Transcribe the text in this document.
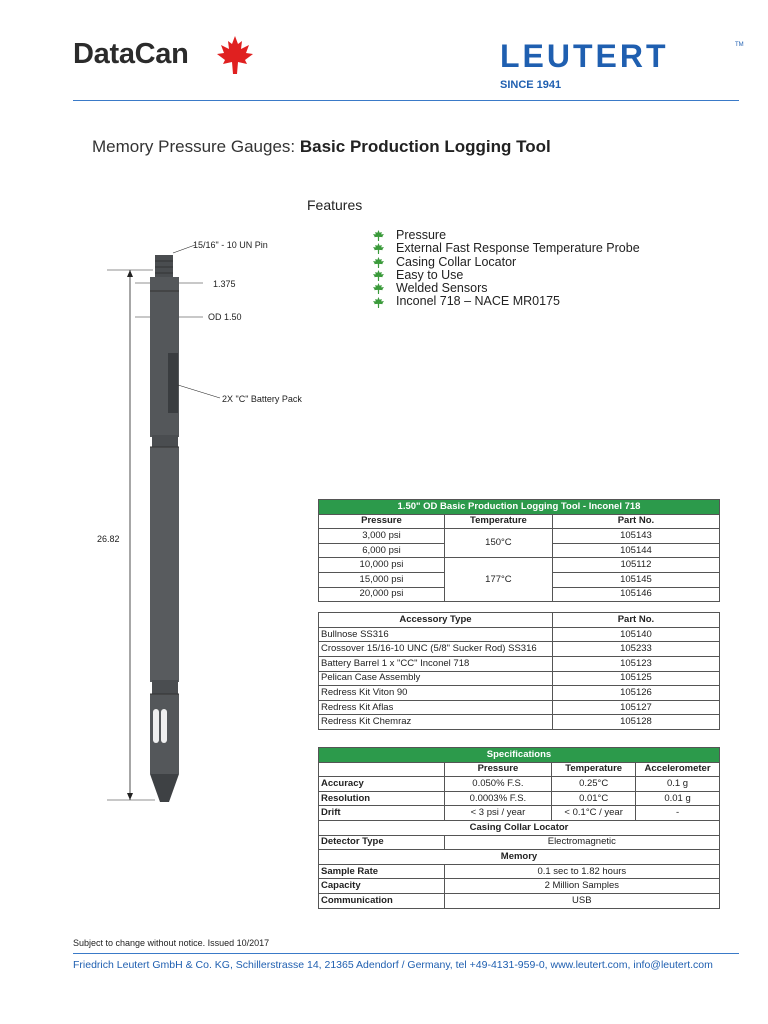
DataCan	LEUTERT	TM
SINCE 1941
Memory Pressure Gauges: Basic Production Logging Tool
Features
Pressure
External Fast Response Temperature Probe
Casing Collar Locator
Easy to Use
Welded Sensors
Inconel 718 – NACE MR0175
15/16" - 10 UN Pin
1.375
OD 1.50
2X "C" Battery Pack
26.82
1.50" OD Basic Production Logging Tool - Inconel 718		
Pressure	Temperature	Part No.
3,000 psi	150°C	105143
6,000 psi		105144
10,000 psi	177°C	105112
15,000 psi		105145
20,000 psi		105146

Accessory Type		Part No.
Bullnose SS316		105140
Crossover 15/16-10 UNC (5/8" Sucker Rod) SS316		105233
Battery Barrel 1 x "CC" Inconel 718		105123
Pelican Case Assembly		105125
Redress Kit Viton 90		105126
Redress Kit Aflas		105127
Redress Kit Chemraz		105128
Specifications			
	Pressure	Temperature	Accelerometer
Accuracy	0.050% F.S.	0.25°C	0.1 g
Resolution	0.0003% F.S.	0.01°C	0.01 g
Drift	< 3 psi / year	< 0.1°C / year	-
Casing Collar Locator			
Detector Type	Electromagnetic		
Memory			
Sample Rate	0.1 sec to 1.82 hours		
Capacity	2 Million Samples		
Communication	USB		
Subject to change without notice. Issued 10/2017
Friedrich Leutert GmbH & Co. KG, Schillerstrasse 14, 21365 Adendorf / Germany, tel +49-4131-959-0, www.leutert.com, info@leutert.com
